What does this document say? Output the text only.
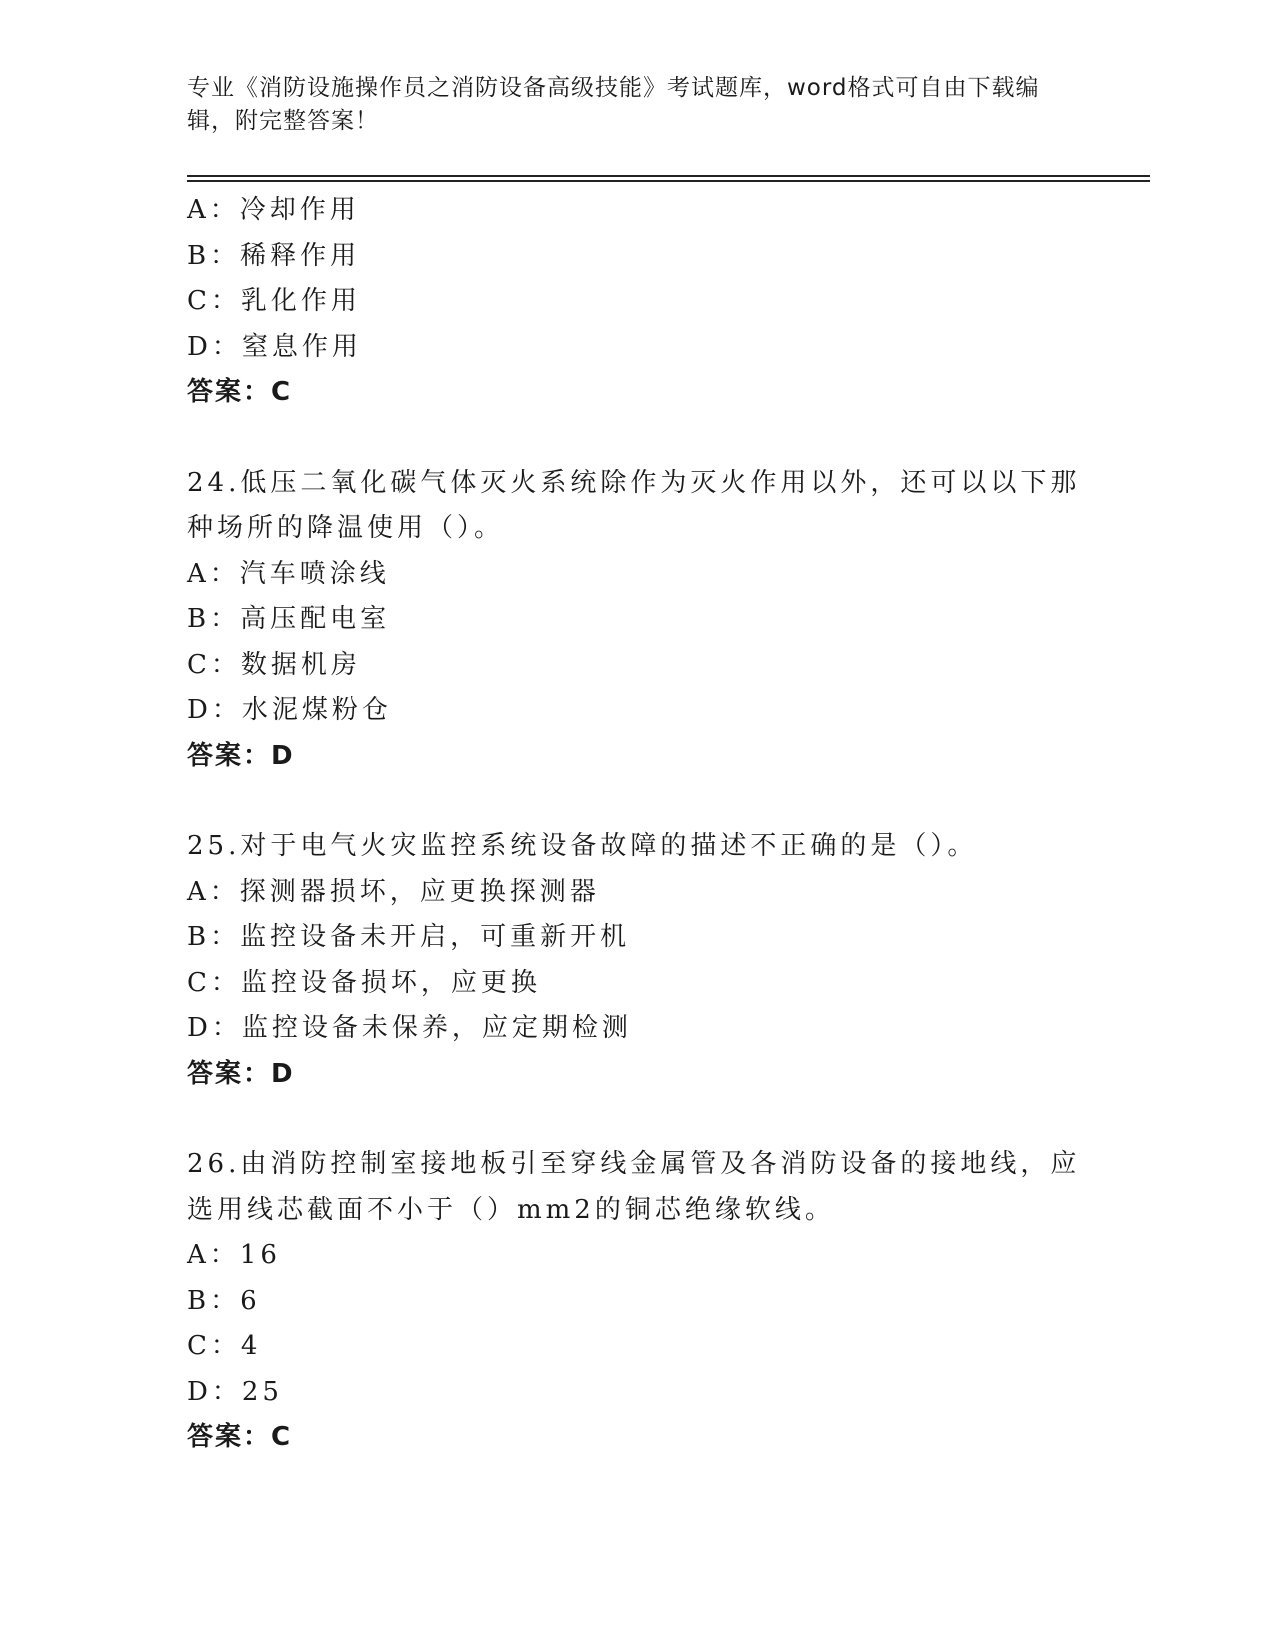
专业《消防设施操作员之消防设备高级技能》考试题库，word格式可自由下载编辑，附完整答案！
A：冷却作用
B：稀释作用
C：乳化作用
D：窒息作用
答案：C
24.低压二氧化碳气体灭火系统除作为灭火作用以外，还可以以下那种场所的降温使用（）。
A：汽车喷涂线
B：高压配电室
C：数据机房
D：水泥煤粉仓
答案：D
25.对于电气火灾监控系统设备故障的描述不正确的是（）。
A：探测器损坏，应更换探测器
B：监控设备未开启，可重新开机
C：监控设备损坏，应更换
D：监控设备未保养，应定期检测
答案：D
26.由消防控制室接地板引至穿线金属管及各消防设备的接地线，应选用线芯截面不小于（）mm2的铜芯绝缘软线。
A：16
B：6
C：4
D：25
答案：C
